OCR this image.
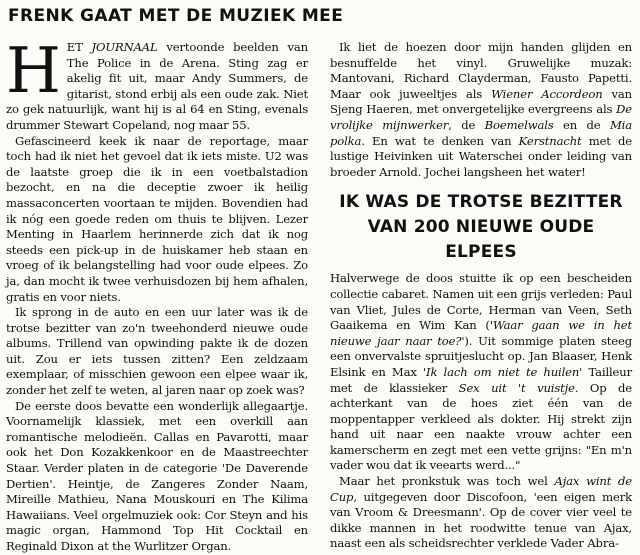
FRENK GAAT MET DE MUZIEK MEE

HET JOURNAAL vertoonde beelden van The Police in de Arena. Sting zag er akelig fit uit, maar Andy Summers, de gitarist, stond erbij als een oude zak. Niet zo gek natuurlijk, want hij is al 64 en Sting, evenals drummer Stewart Copeland, nog maar 55.

Gefascineerd keek ik naar de reportage, maar toch had ik niet het gevoel dat ik iets miste. U2 was de laatste groep die ik in een voetbalstadion bezocht, en na die deceptie zwoer ik heilig massaconcerten voortaan te mijden. Bovendien had ik nóg een goede reden om thuis te blijven. Lezer Menting in Haarlem herinnerde zich dat ik nog steeds een pick-up in de huiskamer heb staan en vroeg of ik belangstelling had voor oude elpees. Zo ja, dan mocht ik twee verhuisdozen bij hem afhalen, gratis en voor niets.

Ik sprong in de auto en een uur later was ik de trotse bezitter van zo'n tweehonderd nieuwe oude albums. Trillend van opwinding pakte ik de dozen uit. Zou er iets tussen zitten? Een zeldzaam exemplaar, of misschien gewoon een elpee waar ik, zonder het zelf te weten, al jaren naar op zoek was?

De eerste doos bevatte een wonderlijk allegaartje. Voornamelijk klassiek, met een overkill aan romantische melodieën. Callas en Pavarotti, maar ook het Don Kozakkenkoor en de Maastreechter Staar. Verder platen in de categorie 'De Daverende Dertien'. Heintje, de Zangeres Zonder Naam, Mireille Mathieu, Nana Mouskouri en The Kilima Hawaiians. Veel orgelmuziek ook: Cor Steyn and his magic organ, Hammond Top Hit Cocktail en Reginald Dixon at the Wurlitzer Organ.

Ik liet de hoezen door mijn handen glijden en besnuffelde het vinyl. Gruwelijke muzak: Mantovani, Richard Clayderman, Fausto Papetti. Maar ook juweeltjes als Wiener Accordeon van Sjeng Haeren, met onvergetelijke evergreens als De vrolijke mijnwerker, de Boemelwals en de Mia polka. En wat te denken van Kerstnacht met de lustige Heivinken uit Waterschei onder leiding van broeder Arnold. Jochei langsheen het water!

IK WAS DE TROTSE BEZITTER VAN 200 NIEUWE OUDE ELPEES

Halverwege de doos stuitte ik op een bescheiden collectie cabaret. Namen uit een grijs verleden: Paul van Vliet, Jules de Corte, Herman van Veen, Seth Gaaikema en Wim Kan ('Waar gaan we in het nieuwe jaar naar toe?'). Uit sommige platen steeg een onvervalste spruitjeslucht op. Jan Blaaser, Henk Elsink en Max 'Ik lach om niet te huilen' Tailleur met de klassieker Sex uit 't vuistje. Op de achterkant van de hoes ziet één van de moppentapper verkleed als dokter. Hij strekt zijn hand uit naar een naakte vrouw achter een kamerscherm en zegt met een vette grijns: "En m'n vader wou dat ik veearts werd..."

Maar het pronkstuk was toch wel Ajax wint de Cup, uitgegeven door Discofoon, 'een eigen merk van Vroom & Dreesmann'. Op de cover vier veel te dikke mannen in het roodwitte tenue van Ajax, naast een als scheidsrechter verklede Vader Abra-
